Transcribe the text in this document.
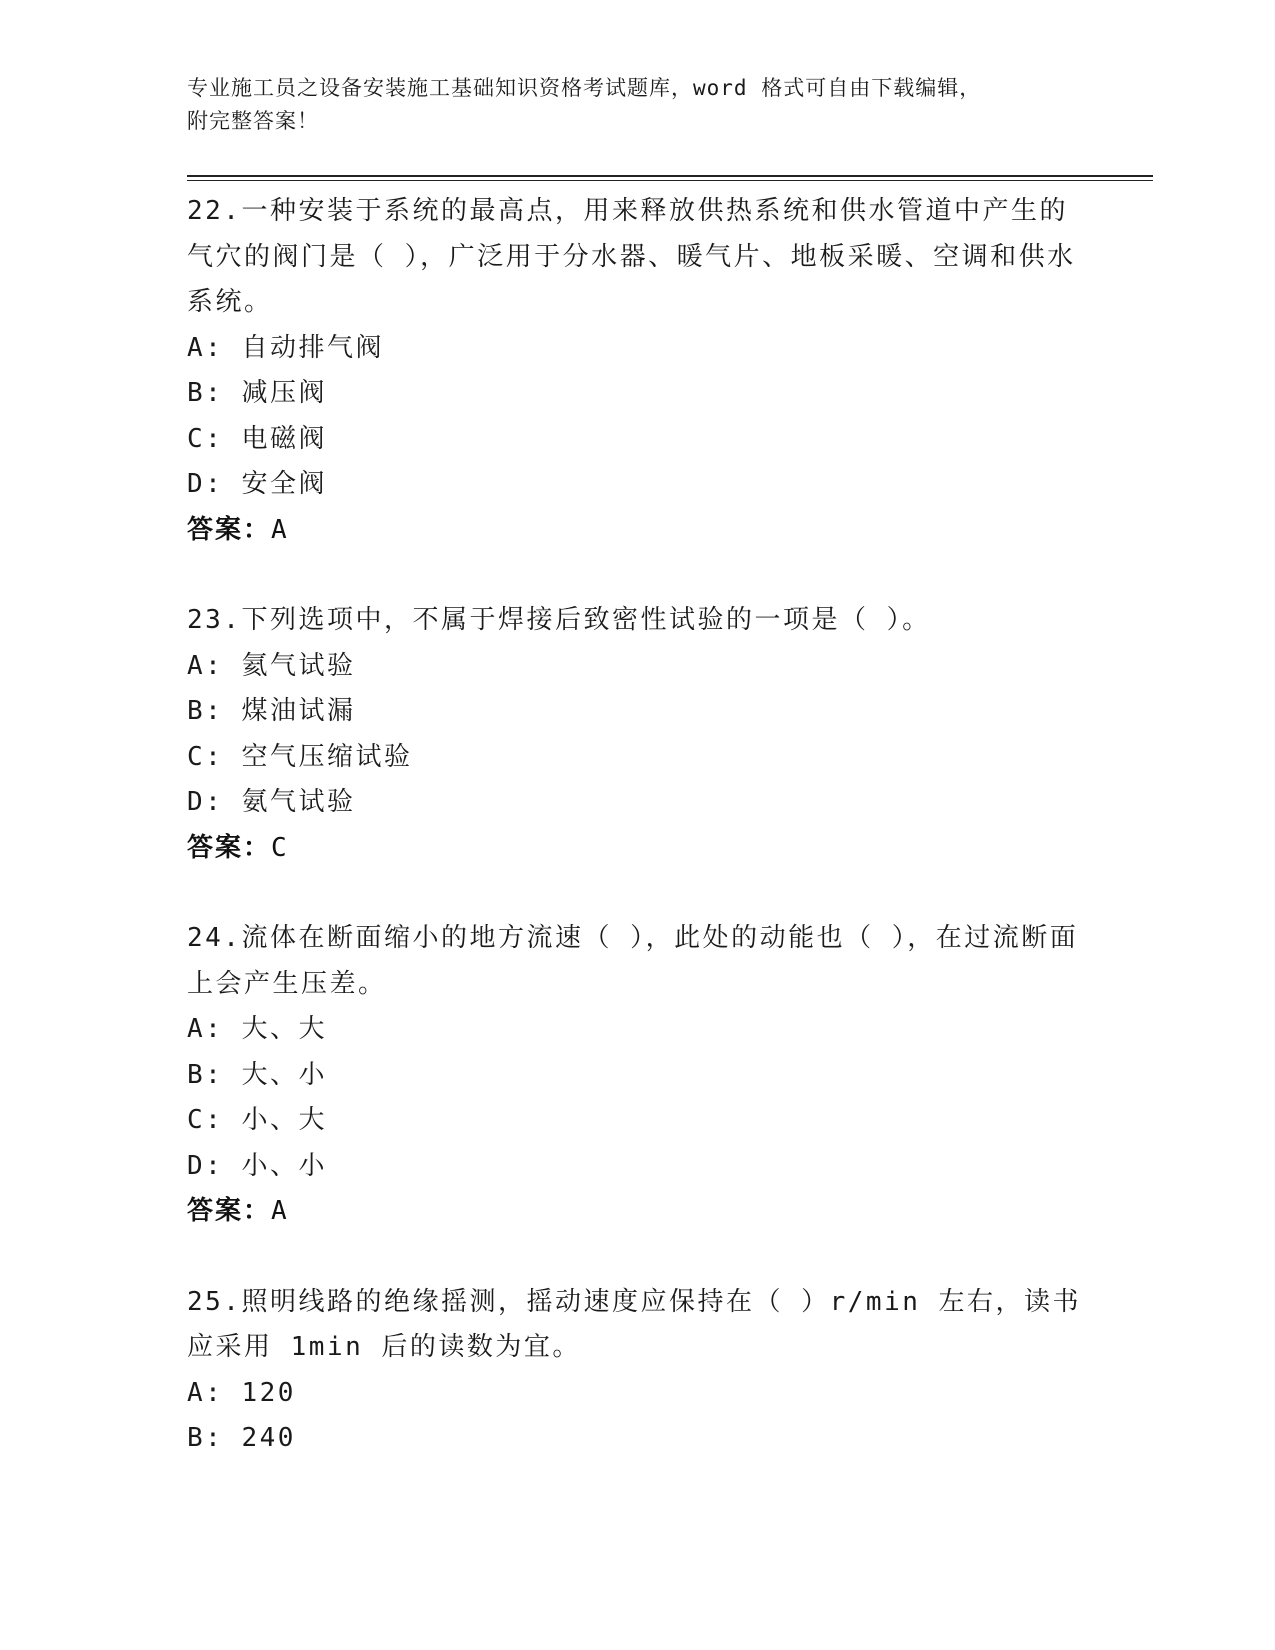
专业施工员之设备安装施工基础知识资格考试题库，word 格式可自由下载编辑，
附完整答案！
22.一种安装于系统的最高点，用来释放供热系统和供水管道中产生的气穴的阀门是（ ），广泛用于分水器、暖气片、地板采暖、空调和供水系统。
A: 自动排气阀
B: 减压阀
C: 电磁阀
D: 安全阀
答案：A
23.下列选项中，不属于焊接后致密性试验的一项是（ ）。
A: 氦气试验
B: 煤油试漏
C: 空气压缩试验
D: 氨气试验
答案：C
24.流体在断面缩小的地方流速（ ），此处的动能也（ ），在过流断面上会产生压差。
A: 大、大
B: 大、小
C: 小、大
D: 小、小
答案：A
25.照明线路的绝缘摇测，摇动速度应保持在（ ）r/min 左右，读书应采用 1min 后的读数为宜。
A: 120
B: 240
